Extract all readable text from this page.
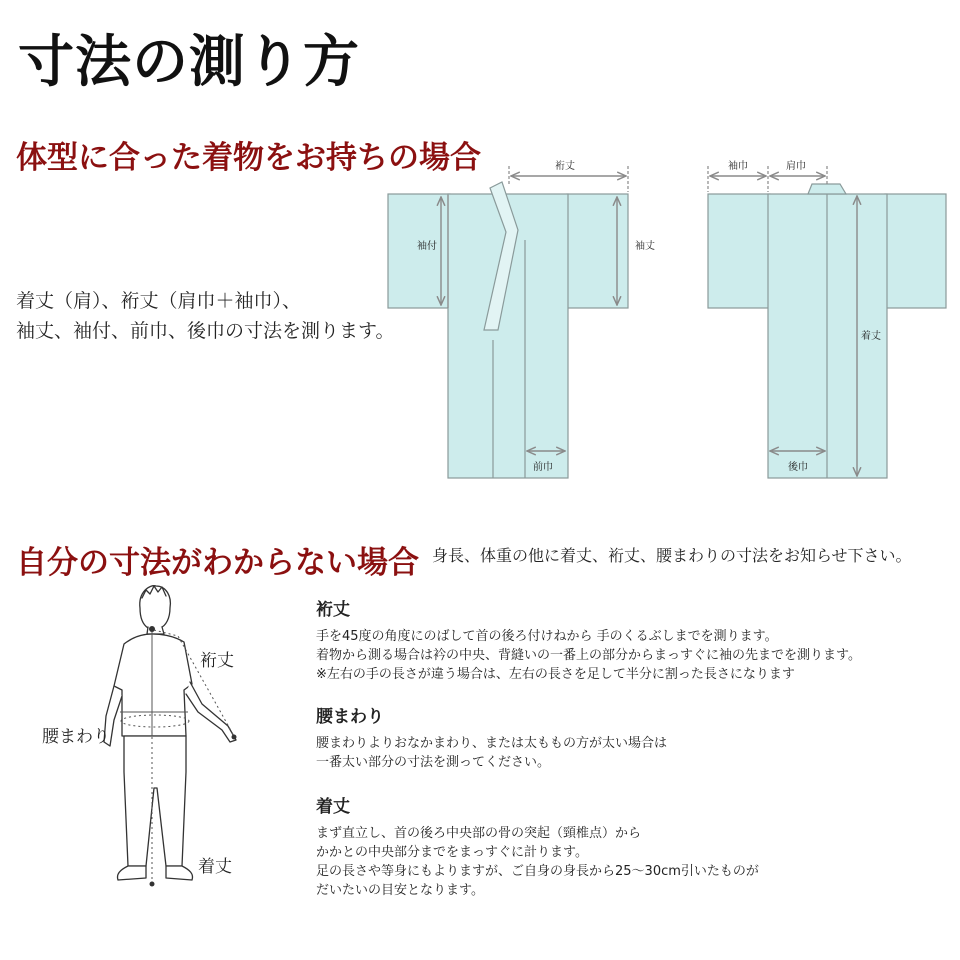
寸法の測り方
体型に合った着物をお持ちの場合
着丈（肩）、裄丈（肩巾＋袖巾）、
袖丈、袖付、前巾、後巾の寸法を測ります。
裄丈
袖付	袖丈
前巾
袖巾	肩巾
着丈
後巾
自分の寸法がわからない場合 身長、体重の他に着丈、裄丈、腰まわりの寸法をお知らせ下さい。
裄丈
腰まわり
着丈
裄丈

手を45度の角度にのばして首の後ろ付けねから 手のくるぶしまでを測ります。

着物から測る場合は衿の中央、背縫いの一番上の部分からまっすぐに袖の先までを測ります。

※左右の手の長さが違う場合は、左右の長さを足して半分に割った長さになります

腰まわり

腰まわりよりおなかまわり、または太ももの方が太い場合は

一番太い部分の寸法を測ってください。

着丈

まず直立し、首の後ろ中央部の骨の突起（頸椎点）から

かかとの中央部分までをまっすぐに計ります。

足の長さや等身にもよりますが、ご自身の身長から25～30cm引いたものが

だいたいの目安となります。
